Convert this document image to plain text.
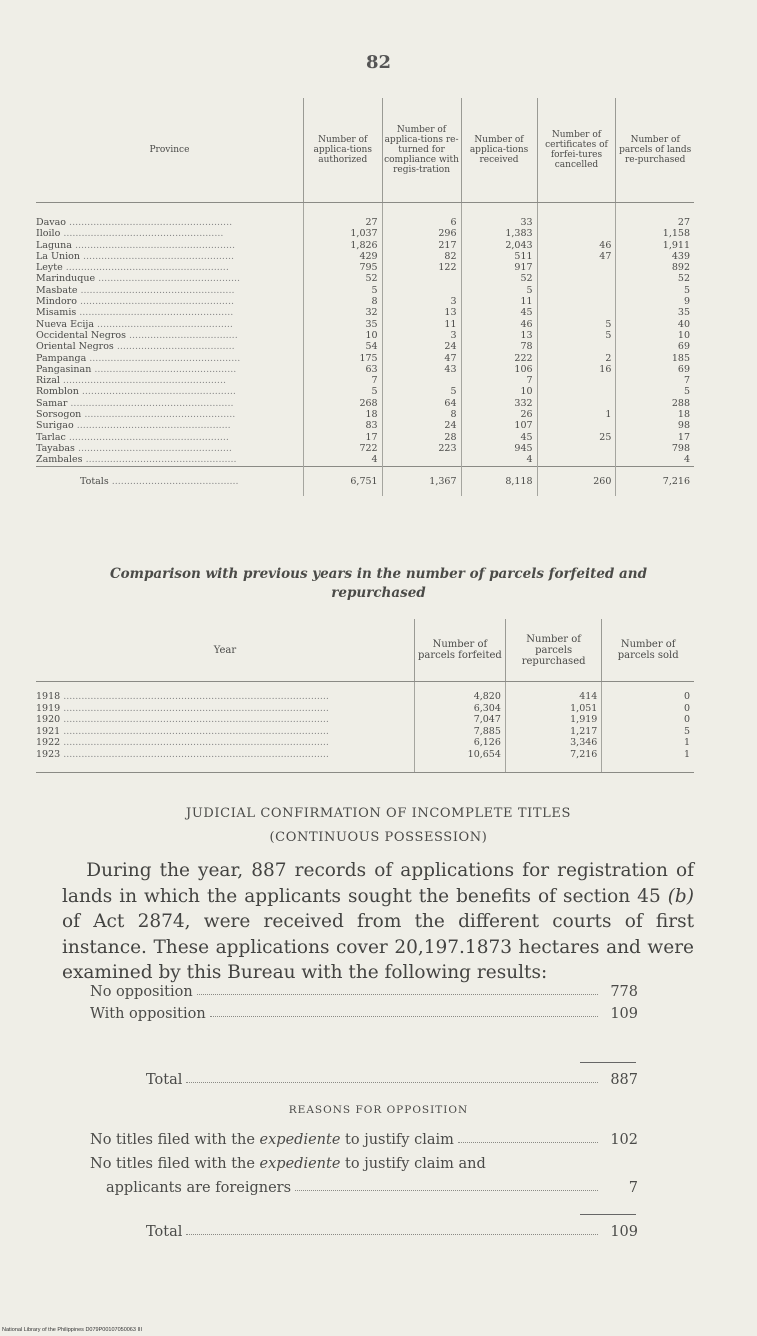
82
Province	Number of applica-tions authorized	Number of applica-tions re-turned for compliance with regis-tration	Number of applica-tions received	Number of certificates of forfei-tures cancelled	Number of parcels of lands re-purchased
Davao ......................................................	27	6	33		27
Iloilo .....................................................	1,037	296	1,383		1,158
Laguna .....................................................	1,826	217	2,043	46	1,911
La Union ..................................................	429	82	511	47	439
Leyte ......................................................	795	122	917		892
Marinduque ...............................................	52		52		52
Masbate ...................................................	5		5		5
Mindoro ...................................................	8	3	11		9
Misamis ...................................................	32	13	45		35
Nueva Ecija .............................................	35	11	46	5	40
Occidental Negros ....................................	10	3	13	5	10
Oriental Negros .......................................	54	24	78		69
Pampanga ..................................................	175	47	222	2	185
Pangasinan ...............................................	63	43	106	16	69
Rizal ......................................................	7		7		7
Romblon ...................................................	5	5	10		5
Samar ......................................................	268	64	332		288
Sorsogon ..................................................	18	8	26	1	18
Surigao ...................................................	83	24	107		98
Tarlac .....................................................	17	28	45	25	17
Tayabas ...................................................	722	223	945		798
Zambales ..................................................	4		4		4
Totals ..........................................	6,751	1,367	8,118	260	7,216
Comparison with previous years in the number of parcels forfeited and repurchased
Year	Number of parcels forfeited	Number of parcels repurchased	Number of parcels sold
1918 ........................................................................................	4,820	414	0
1919 ........................................................................................	6,304	1,051	0
1920 ........................................................................................	7,047	1,919	0
1921 ........................................................................................	7,885	1,217	5
1922 ........................................................................................	6,126	3,346	1
1923 ........................................................................................	10,654	7,216	1
JUDICIAL CONFIRMATION OF INCOMPLETE TITLES
(CONTINUOUS POSSESSION)
During the year, 887 records of applications for registration of lands in which the applicants sought the benefits of section 45 (b) of Act 2874, were received from the different courts of first instance. These applications cover 20,197.1873 hectares and were examined by this Bureau with the following results:
No opposition	778
With opposition	109
Total	887
REASONS FOR OPPOSITION
No titles filed with the expediente to justify claim	102
No titles filed with the expediente to justify claim and
applicants are foreigners	7
Total	109
National Library of the Philippines D079P00107050063 III
